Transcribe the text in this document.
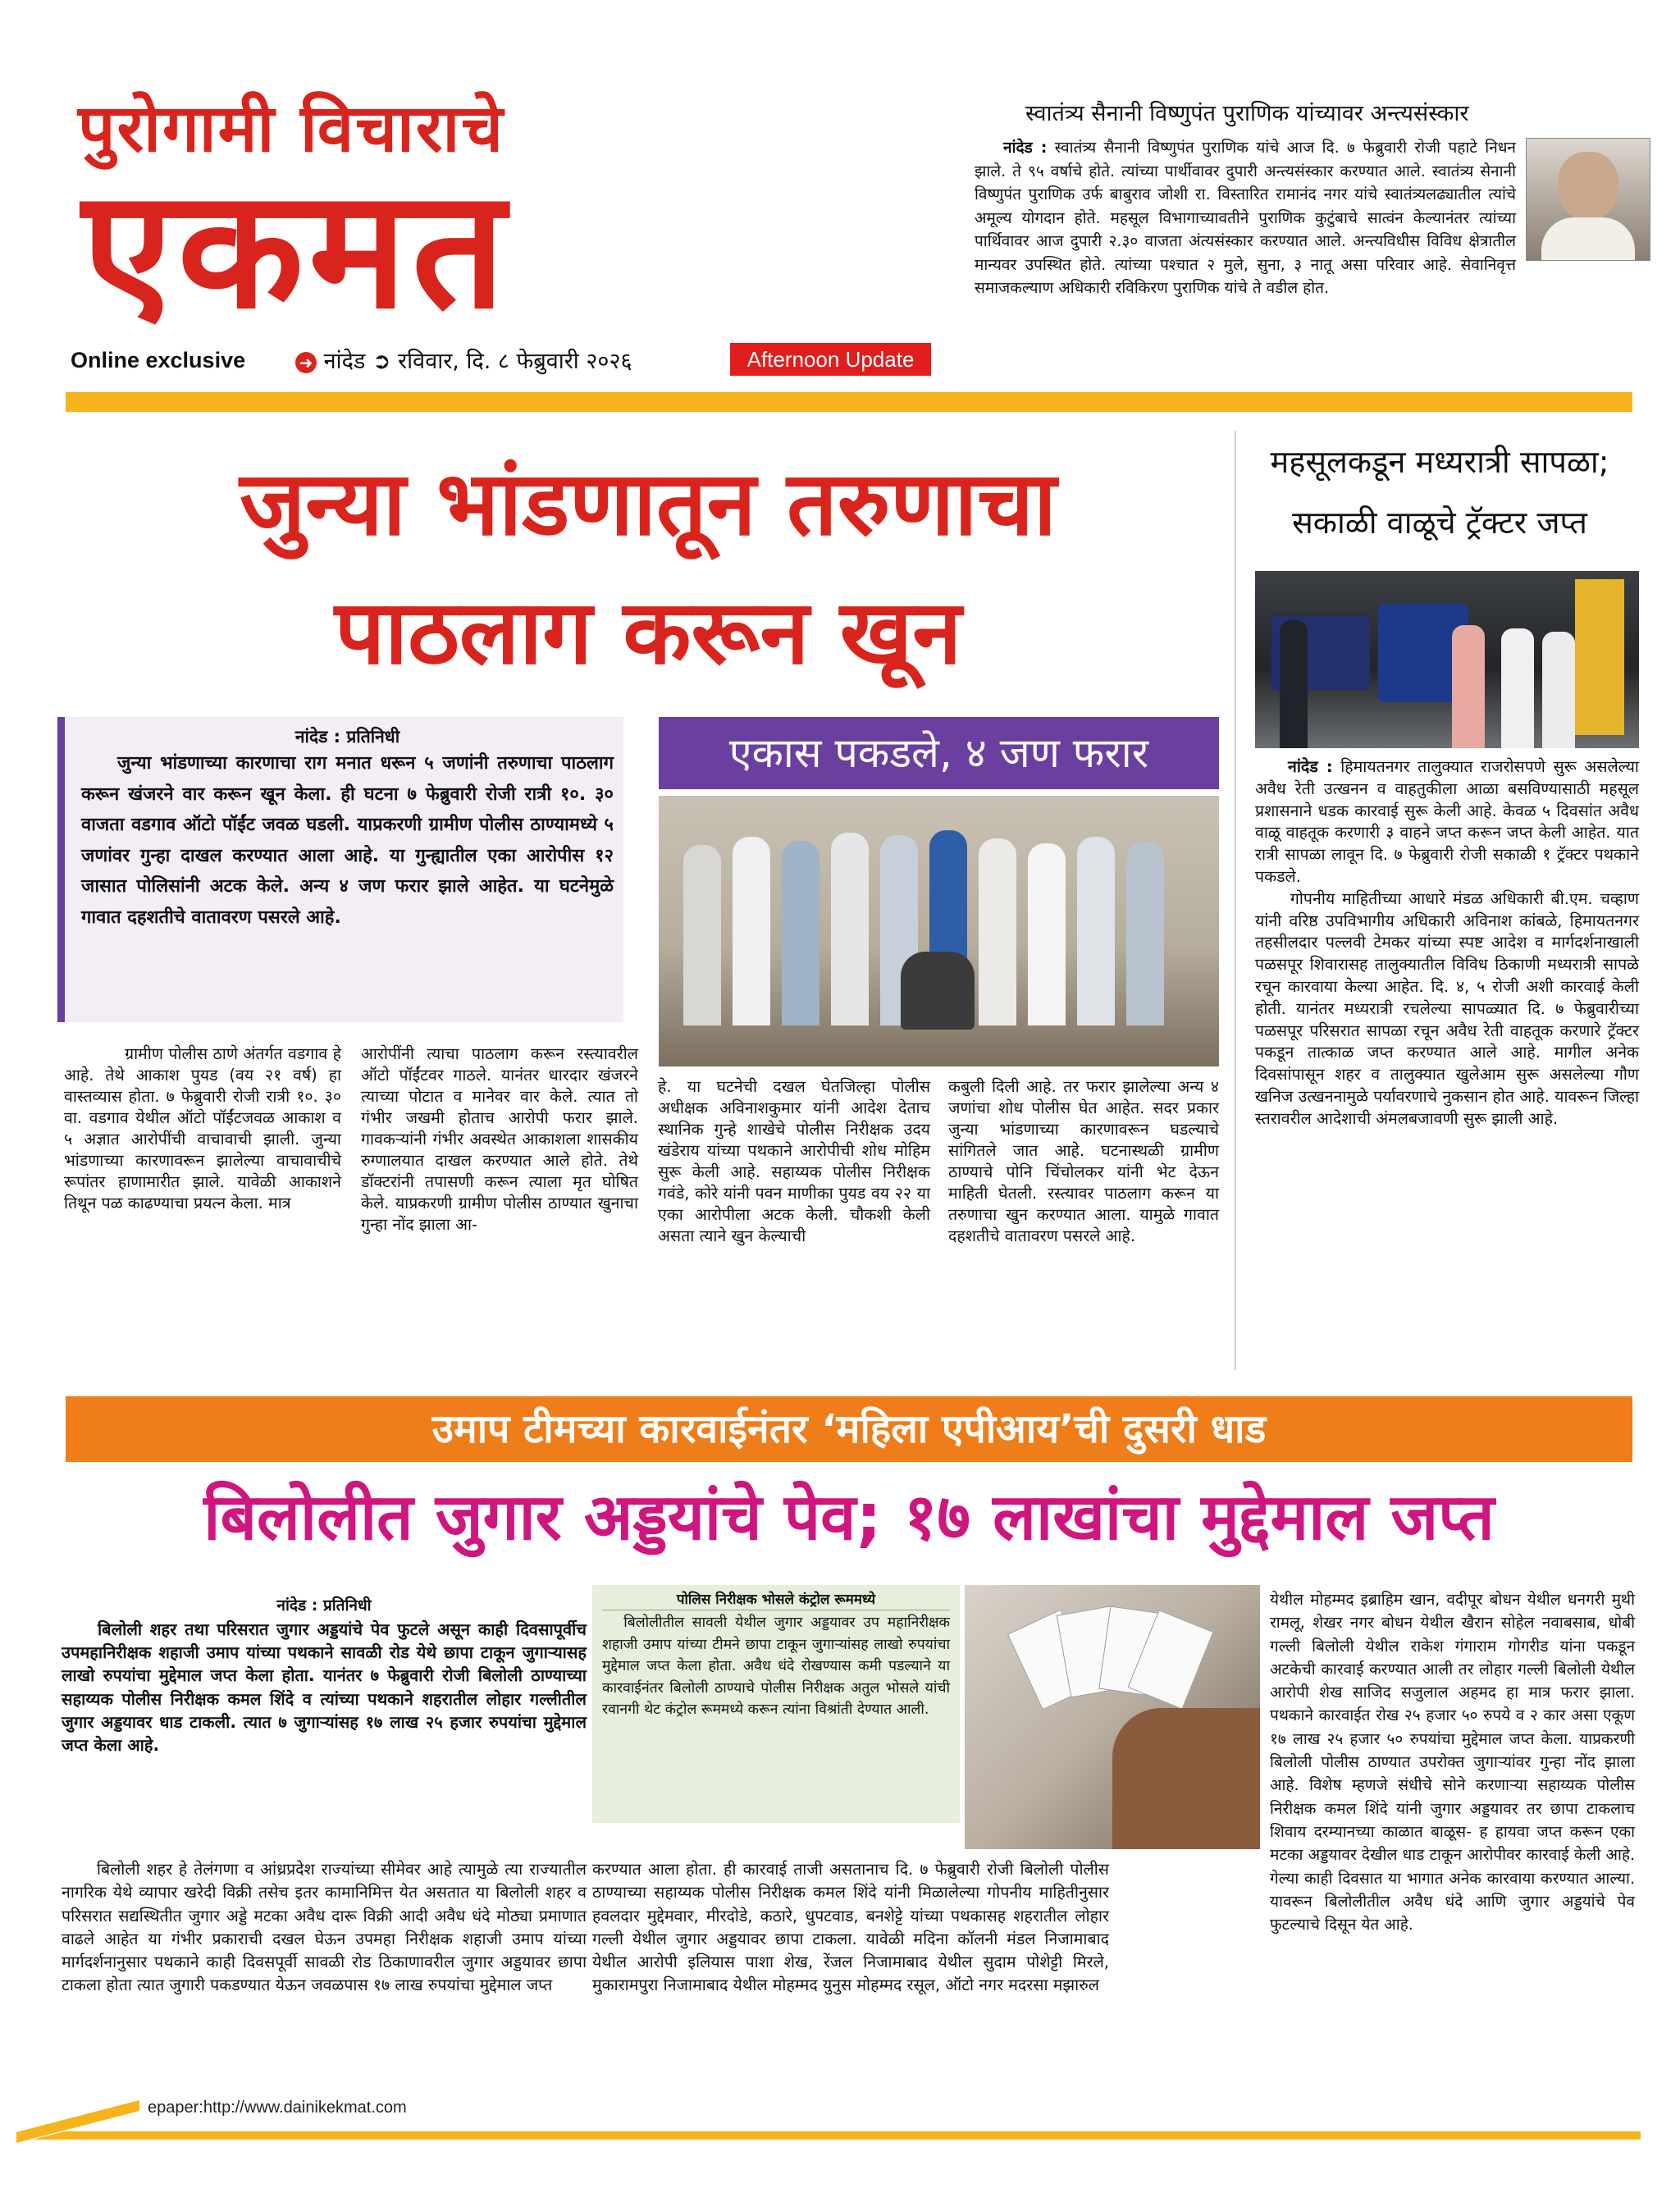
पुरोगामी विचाराचे
एकमत
Online exclusive	➜ नांदेड ➲ रविवार, दि. ८ फेब्रुवारी २०२६	Afternoon Update
स्वातंत्र्य सैनानी विष्णुपंत पुराणिक यांच्यावर अन्त्यसंस्कार
नांदेड : स्वातंत्र्य सैनानी विष्णुपंत पुराणिक यांचे आज दि. ७ फेब्रुवारी रोजी पहाटे निधन झाले. ते ९५ वर्षाचे होते. त्यांच्या पार्थीवावर दुपारी अन्त्यसंस्कार करण्यात आले. स्वातंत्र्य सेनानी विष्णुपंत पुराणिक उर्फ बाबुराव जोशी रा. विस्तारित रामानंद नगर यांचे स्वातंत्र्यलढ्यातील त्यांचे अमूल्य योगदान होते. महसूल विभागाच्यावतीने पुराणिक कुटुंबाचे सात्वंन केल्यानंतर त्यांच्या पार्थिवावर आज दुपारी २.३० वाजता अंत्यसंस्कार करण्यात आले. अन्त्यविधीस विविध क्षेत्रातील मान्यवर उपस्थित होते. त्यांच्या पश्चात २ मुले, सुना, ३ नातू असा परिवार आहे. सेवानिवृत्त समाजकल्याण अधिकारी रविकिरण पुराणिक यांचे ते वडील होत.
जुन्या भांडणातून तरुणाचा
पाठलाग करून खून
नांदेड : प्रतिनिधी
जुन्या भांडणाच्या कारणाचा राग मनात धरून ५ जणांनी तरुणाचा पाठलाग करून खंजरने वार करून खून केला. ही घटना ७ फेब्रुवारी रोजी रात्री १०. ३० वाजता वडगाव ऑटो पॉईंट जवळ घडली. याप्रकरणी ग्रामीण पोलीस ठाण्यामध्ये ५ जणांवर गुन्हा दाखल करण्यात आला आहे. या गुन्ह्यातील एका आरोपीस १२ जासात पोलिसांनी अटक केले. अन्य ४ जण फरार झाले आहेत. या घटनेमुळे गावात दहशतीचे वातावरण पसरले आहे.
एकास पकडले, ४ जण फरार

ग्रामीण पोलीस ठाणे अंतर्गत वडगाव हे आहे. तेथे आकाश पुयड (वय २१ वर्ष) हा वास्तव्यास होता. ७ फेब्रुवारी रोजी रात्री १०. ३० वा. वडगाव येथील ऑटो पॉईंटजवळ आकाश व ५ अज्ञात आरोपींची वाचावाची झाली. जुन्या भांडणाच्या कारणावरून झालेल्या वाचावाचीचे रूपांतर हाणामारीत झाले. यावेळी आकाशने तिथून पळ काढण्याचा प्रयत्न केला. मात्र

आरोपींनी त्याचा पाठलाग करून रस्त्यावरील ऑटो पॉईंटवर गाठले. यानंतर धारदार खंजरने त्याच्या पोटात व मानेवर वार केले. त्यात तो गंभीर जखमी होताच आरोपी फरार झाले. गावकऱ्यांनी गंभीर अवस्थेत आकाशला शासकीय रुग्णालयात दाखल करण्यात आले होते. तेथे डॉक्टरांनी तपासणी करून त्याला मृत घोषित केले. याप्रकरणी ग्रामीण पोलीस ठाण्यात खुनाचा गुन्हा नोंद झाला आ-

हे. या घटनेची दखल घेतजिल्हा पोलीस अधीक्षक अविनाशकुमार यांनी आदेश देताच स्थानिक गुन्हे शाखेचे पोलीस निरीक्षक उदय खंडेराय यांच्या पथकाने आरोपीची शोध मोहिम सुरू केली आहे. सहाय्यक पोलीस निरीक्षक गवंडे, कोरे यांनी पवन माणीका पुयड वय २२ या एका आरोपीला अटक केली. चौकशी केली असता त्याने खुन केल्याची

कबुली दिली आहे. तर फरार झालेल्या अन्य ४ जणांचा शोध पोलीस घेत आहेत. सदर प्रकार जुन्या भांडणाच्या कारणावरून घडल्याचे सांगितले जात आहे. घटनास्थळी ग्रामीण ठाण्याचे पोनि चिंचोलकर यांनी भेट देऊन माहिती घेतली. रस्त्यावर पाठलाग करून या तरुणाचा खुन करण्यात आला. यामुळे गावात दहशतीचे वातावरण पसरले आहे.

महसूलकडून मध्यरात्री सापळा;
सकाळी वाळूचे ट्रॅक्टर जप्त

नांदेड : हिमायतनगर तालुक्यात राजरोसपणे सुरू असलेल्या अवैध रेती उत्खनन व वाहतुकीला आळा बसविण्यासाठी महसूल प्रशासनाने धडक कारवाई सुरू केली आहे. केवळ ५ दिवसांत अवैध वाळू वाहतूक करणारी ३ वाहने जप्त करून जप्त केली आहेत. यात रात्री सापळा लावून दि. ७ फेब्रुवारी रोजी सकाळी १ ट्रॅक्टर पथकाने पकडले.

गोपनीय माहितीच्या आधारे मंडळ अधिकारी बी.एम. चव्हाण यांनी वरिष्ठ उपविभागीय अधिकारी अविनाश कांबळे, हिमायतनगर तहसीलदार पल्लवी टेमकर यांच्या स्पष्ट आदेश व मार्गदर्शनाखाली पळसपूर शिवारासह तालुक्यातील विविध ठिकाणी मध्यरात्री सापळे रचून कारवाया केल्या आहेत. दि. ४, ५ रोजी अशी कारवाई केली होती. यानंतर मध्यरात्री रचलेल्या सापळ्यात दि. ७ फेब्रुवारीच्या पळसपूर परिसरात सापळा रचून अवैध रेती वाहतूक करणारे ट्रॅक्टर पकडून तात्काळ जप्त करण्यात आले आहे. मागील अनेक दिवसांपासून शहर व तालुक्यात खुलेआम सुरू असलेल्या गौण खनिज उत्खननामुळे पर्यावरणाचे नुकसान होत आहे. यावरून जिल्हा स्तरावरील आदेशाची अंमलबजावणी सुरू झाली आहे.

उमाप टीमच्या कारवाईनंतर ‘महिला एपीआय’ची दुसरी धाड
बिलोलीत जुगार अड्डयांचे पेव; १७ लाखांचा मुद्देमाल जप्त
नांदेड : प्रतिनिधी

बिलोली शहर तथा परिसरात जुगार अड्डयांचे पेव फुटले असून काही दिवसापूर्वीच उपमहानिरीक्षक शहाजी उमाप यांच्या पथकाने सावळी रोड येथे छापा टाकून जुगाऱ्यासह लाखो रुपयांचा मुद्देमाल जप्त केला होता. यानंतर ७ फेब्रुवारी रोजी बिलोली ठाण्याच्या सहाय्यक पोलीस निरीक्षक कमल शिंदे व त्यांच्या पथकाने शहरातील लोहार गल्लीतील जुगार अड्डयावर धाड टाकली. त्यात ७ जुगाऱ्यांसह १७ लाख २५ हजार रुपयांचा मुद्देमाल जप्त केला आहे.

पोलिस निरीक्षक भोसले कंट्रोल रूममध्ये
बिलोलीतील सावली येथील जुगार अड्डयावर उप महानिरीक्षक शहाजी उमाप यांच्या टीमने छापा टाकून जुगाऱ्यांसह लाखो रुपयांचा मुद्देमाल जप्त केला होता. अवैध धंदे रोखण्यास कमी पडल्याने या कारवाईनंतर बिलोली ठाण्याचे पोलीस निरीक्षक अतुल भोसले यांची रवानगी थेट कंट्रोल रूममध्ये करून त्यांना विश्रांती देण्यात आली.

येथील मोहम्मद इब्राहिम खान, वदीपूर बोधन येथील धनगरी मुथी रामलू, शेखर नगर बोधन येथील खैरान सोहेल नवाबसाब, धोबी गल्ली बिलोली येथील राकेश गंगाराम गोगरीड यांना पकडून अटकेची कारवाई करण्यात आली तर लोहार गल्ली बिलोली येथील आरोपी शेख साजिद सजुलाल अहमद हा मात्र फरार झाला. पथकाने कारवाईत रोख २५ हजार ५० रुपये व २ कार असा एकूण १७ लाख २५ हजार ५० रुपयांचा मुद्देमाल जप्त केला. याप्रकरणी बिलोली पोलीस ठाण्यात उपरोक्त जुगाऱ्यांवर गुन्हा नोंद झाला आहे. विशेष म्हणजे संधीचे सोने करणाऱ्या सहाय्यक पोलीस निरीक्षक कमल शिंदे यांनी जुगार अड्डयावर तर छापा टाकलाच शिवाय दरम्यानच्या काळात बाळूस- ह हायवा जप्त करून एका मटका अड्डयावर देखील धाड टाकून आरोपीवर कारवाई केली आहे. गेल्या काही दिवसात या भागात अनेक कारवाया करण्यात आल्या. यावरून बिलोलीतील अवैध धंदे आणि जुगार अड्डयांचे पेव फुटल्याचे दिसून येत आहे.

बिलोली शहर हे तेलंगणा व आंध्रप्रदेश राज्यांच्या सीमेवर आहे त्यामुळे त्या राज्यातील नागरिक येथे व्यापार खरेदी विक्री तसेच इतर कामानिमित्त येत असतात या बिलोली शहर व परिसरात सद्यस्थितीत जुगार अड्डे मटका अवैध दारू विक्री आदी अवैध धंदे मोठ्या प्रमाणात वाढले आहेत या गंभीर प्रकाराची दखल घेऊन उपमहा निरीक्षक शहाजी उमाप यांच्या मार्गदर्शनानुसार पथकाने काही दिवसपूर्वी सावळी रोड ठिकाणावरील जुगार अड्डयावर छापा टाकला होता त्यात जुगारी पकडण्यात येऊन जवळपास १७ लाख रुपयांचा मुद्देमाल जप्त

करण्यात आला होता. ही कारवाई ताजी असतानाच दि. ७ फेब्रुवारी रोजी बिलोली पोलीस ठाण्याच्या सहाय्यक पोलीस निरीक्षक कमल शिंदे यांनी मिळालेल्या गोपनीय माहितीनुसार हवलदार मुद्देमवार, मीरदोडे, कठारे, धुपटवाड, बनशेट्टे यांच्या पथकासह शहरातील लोहार गल्ली येथील जुगार अड्डयावर छापा टाकला. यावेळी मदिना कॉलनी मंडल निजामाबाद येथील आरोपी इलियास पाशा शेख, रेंजल निजामाबाद येथील सुदाम पोशेट्टी मिरले, मुकारामपुरा निजामाबाद येथील मोहम्मद युनुस मोहम्मद रसूल, ऑटो नगर मदरसा मझारुल

epaper:http://www.dainikekmat.com
